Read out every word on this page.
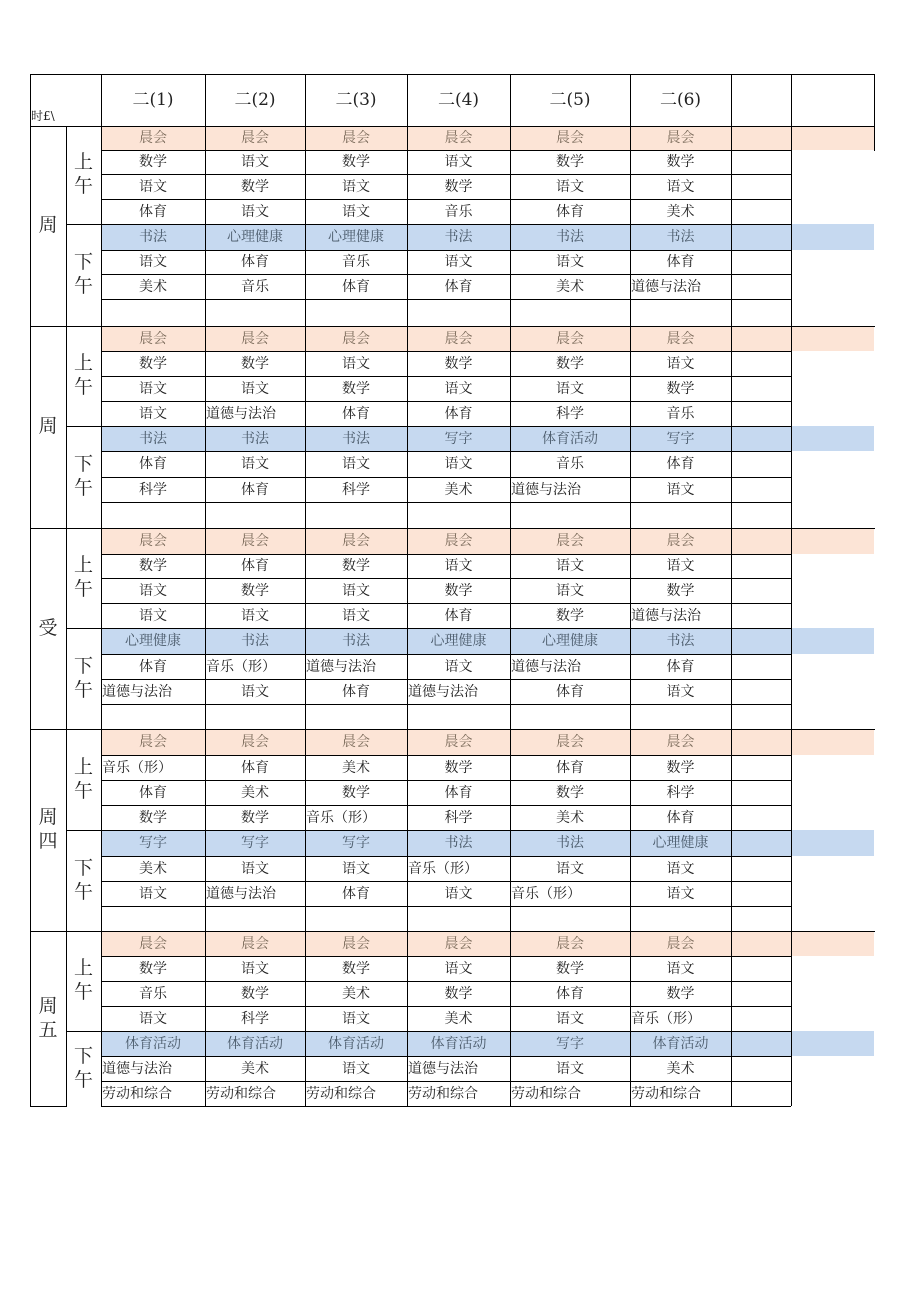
时£\
二(1)	二(2)	二(3)	二(4)	二(5)	二(6)
周
上
午
下
午
晨会	晨会	晨会	晨会	晨会	晨会
数学	语文	数学	语文	数学	数学
语文	数学	语文	数学	语文	语文
体育	语文	语文	音乐	体育	美术
书法	心理健康	心理健康	书法	书法	书法
语文	体育	音乐	语文	语文	体育
美术	音乐	体育	体育	美术	道德与法治
周
上
午
下
午
晨会	晨会	晨会	晨会	晨会	晨会
数学	数学	语文	数学	数学	语文
语文	语文	数学	语文	语文	数学
语文	道德与法治	体育	体育	科学	音乐
书法	书法	书法	写字	体育活动	写字
体育	语文	语文	语文	音乐	体育
科学	体育	科学	美术	道德与法治	语文
受
上
午
下
午
晨会	晨会	晨会	晨会	晨会	晨会
数学	体育	数学	语文	语文	语文
语文	数学	语文	数学	语文	数学
语文	语文	语文	体育	数学	道德与法治
心理健康	书法	书法	心理健康	心理健康	书法
体育	音乐（形）	道德与法治	语文	道德与法治	体育
道德与法治	语文	体育	道德与法治	体育	语文
周
四
上
午
下
午
晨会	晨会	晨会	晨会	晨会	晨会
音乐（形）	体育	美术	数学	体育	数学
体育	美术	数学	体育	数学	科学
数学	数学	音乐（形）	科学	美术	体育
写字	写字	写字	书法	书法	心理健康
美术	语文	语文	音乐（形）	语文	语文
语文	道德与法治	体育	语文	音乐（形）	语文
周
五
上
午
下
午
晨会	晨会	晨会	晨会	晨会	晨会
数学	语文	数学	语文	数学	语文
音乐	数学	美术	数学	体育	数学
语文	科学	语文	美术	语文	音乐（形）
体育活动	体育活动	体育活动	体育活动	写字	体育活动
道德与法治	美术	语文	道德与法治	语文	美术
劳动和综合	劳动和综合	劳动和综合	劳动和综合	劳动和综合	劳动和综合
